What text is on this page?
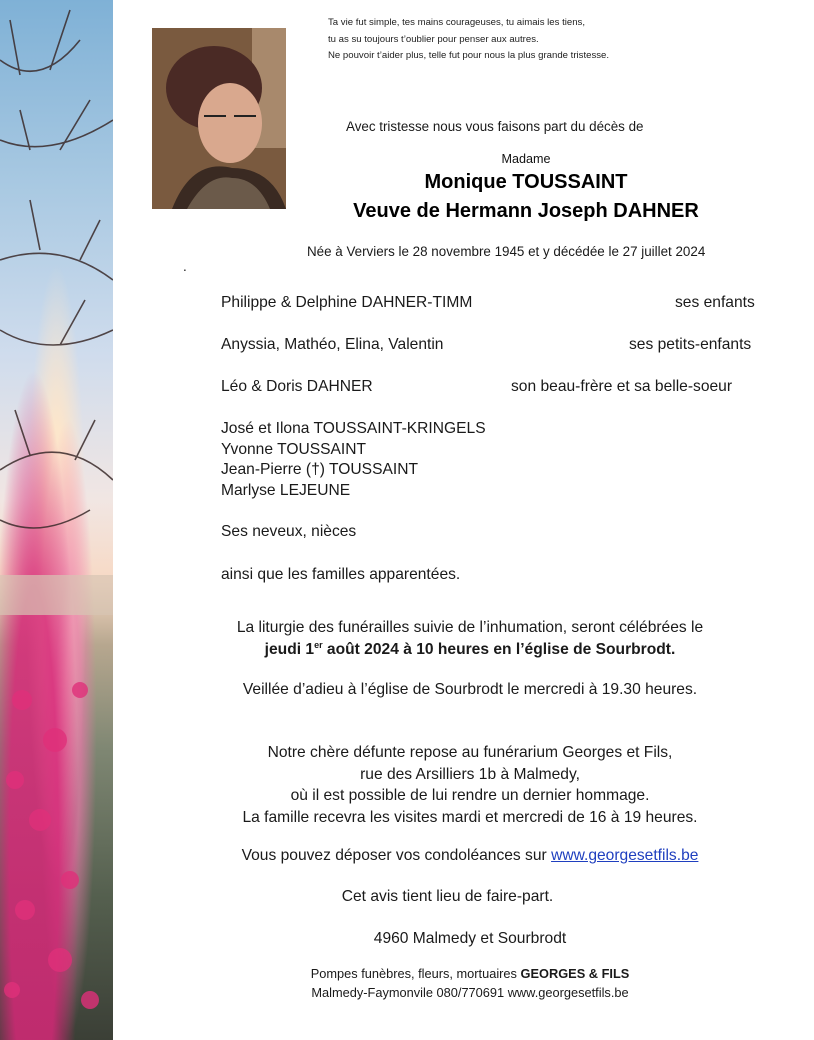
Ta vie fut simple, tes mains courageuses, tu aimais les tiens,
tu as su toujours t’oublier pour penser aux autres.
Ne pouvoir t’aider plus, telle fut pour nous la plus grande tristesse.
Avec tristesse nous vous faisons part du décès de
Madame
Monique TOUSSAINT
Veuve de Hermann Joseph DAHNER
Née à Verviers le 28 novembre 1945 et y décédée le 27 juillet 2024
.
Philippe & Delphine DAHNER-TIMM	ses enfants
Anyssia, Mathéo, Elina, Valentin	ses petits-enfants
Léo & Doris DAHNER	son beau-frère et sa belle-soeur
José et Ilona TOUSSAINT-KRINGELS
Yvonne TOUSSAINT
Jean-Pierre (†) TOUSSAINT
Marlyse LEJEUNE
Ses neveux, nièces
ainsi que les familles apparentées.
La liturgie des funérailles suivie de l’inhumation, seront célébrées le
jeudi 1er août 2024 à 10 heures en l’église de Sourbrodt.
Veillée d’adieu à l’église de Sourbrodt le mercredi à 19.30 heures.
Notre chère défunte repose au funérarium Georges et Fils,
rue des Arsilliers 1b à Malmedy,
où il est possible de lui rendre un dernier hommage.
La famille recevra les visites mardi et mercredi de 16 à 19 heures.
Vous pouvez déposer vos condoléances sur www.georgesetfils.be
Cet avis tient lieu de faire-part.
4960 Malmedy et Sourbrodt
Pompes funèbres, fleurs, mortuaires GEORGES & FILS
Malmedy-Faymonvile 080/770691 www.georgesetfils.be
